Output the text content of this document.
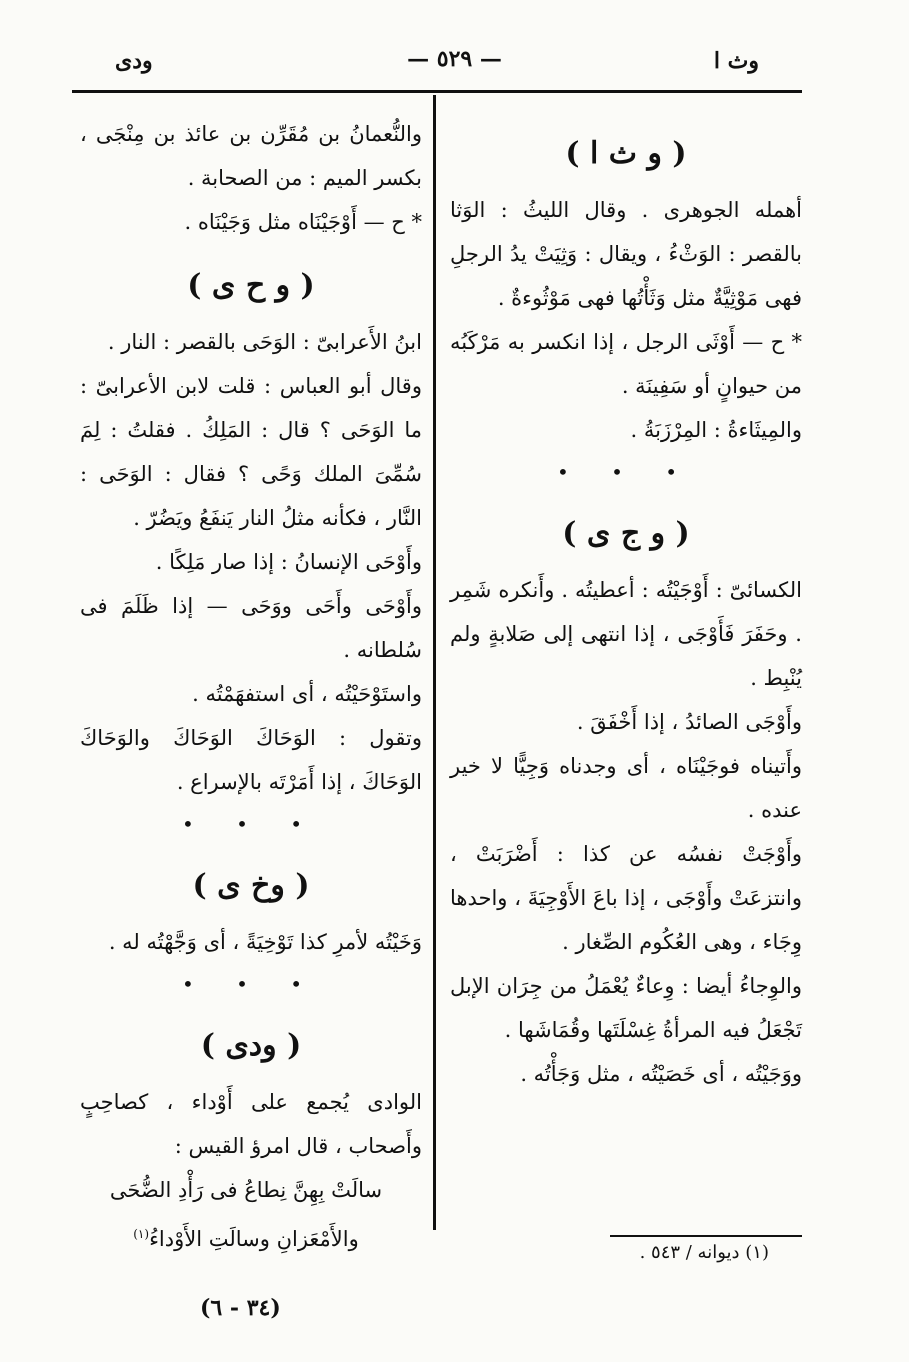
ودى	— ٥٢٩ —	وث ا

( و ث ا )

أهمله الجوهرى . وقال الليثُ : الوَثا بالقصر : الوَثْءُ ، ويقال : وَثِيَتْ يدُ الرجلِ فهى مَوْثِيَّةٌ مثل وَثَأْتُها فهى مَوْثُوءةٌ .

* ح — أَوْثَى الرجل ، إذا انكسر به مَرْكَبُه من حيوانٍ أو سَفِينَة .

والمِيثَاءةُ : المِرْزَبَةُ .

• • •

( و ج ى )

الكسائىّ : أَوْجَيْتُه : أعطيتُه . وأَنكره شَمِر . وحَفَرَ فَأَوْجَى ، إذا انتهى إلى صَلابةٍ ولم يُنْبِط .

وأَوْجَى الصائدُ ، إذا أَخْفَقَ .

وأَتيناه فوجَيْنَاه ، أى وجدناه وَجِيًّا لا خير عنده .

وأَوْجَتْ نفسُه عن كذا : أَضْرَبَتْ ، وانتزعَتْ وأَوْجَى ، إذا باعَ الأَوْجِيَةَ ، واحدها وِجَاء ، وهى العُكُوم الصِّغار .

والوِجاءُ أيضا : وِعاءٌ يُعْمَلُ من جِرَان الإبل تَجْعَلُ فيه المرأةُ غِسْلَتَها وقُمَاشَها .

ووَجَيْتُه ، أى خَصَيْتُه ، مثل وَجَأْتُه .

والنُّعمانُ بن مُقَرِّن بن عائذ بن مِنْجَى ، بكسر الميم : من الصحابة .

* ح — أَوْجَيْنَاه مثل وَجَيْنَاه .

( و ح ى )

ابنُ الأَعرابىّ : الوَحَى بالقصر : النار .

وقال أبو العباس : قلت لابن الأعرابىّ : ما الوَحَى ؟ قال : المَلِكُ . فقلتُ : لِمَ سُمِّىَ الملك وَحًى ؟ فقال : الوَحَى : النَّار ، فكأنه مثلُ النار يَنفَعُ ويَضُرّ .

وأَوْحَى الإنسانُ : إذا صار مَلِكًا .

وأَوْحَى وأَحَى ووَحَى — إذا ظَلَمَ فى سُلطانه .

واستَوْحَيْتُه ، أى استفهَمْتُه .

وتقول : الوَحَاكَ الوَحَاكَ والوَحَاكَ الوَحَاكَ ، إذا أَمَرْتَه بالإسراع .

• • •

( وخ ى )

وَخَيْتُه لأمرِ كذا تَوْخِيَةً ، أى وَجَّهْتُه له .

• • •

( ودى )

الوادى يُجمع على أَوْداء ، كصاحِبٍ وأَصحاب ، قال امرؤ القيس :

سالَتْ بِهِنَّ نِطاعُ فى رَأْدِ الضُّحَى

والأَمْعَزانِ وسالَتِ الأَوْداءُ$^{(١)}$

(١) ديوانه / ٥٤٣ .
(٣٤ - ٦)
